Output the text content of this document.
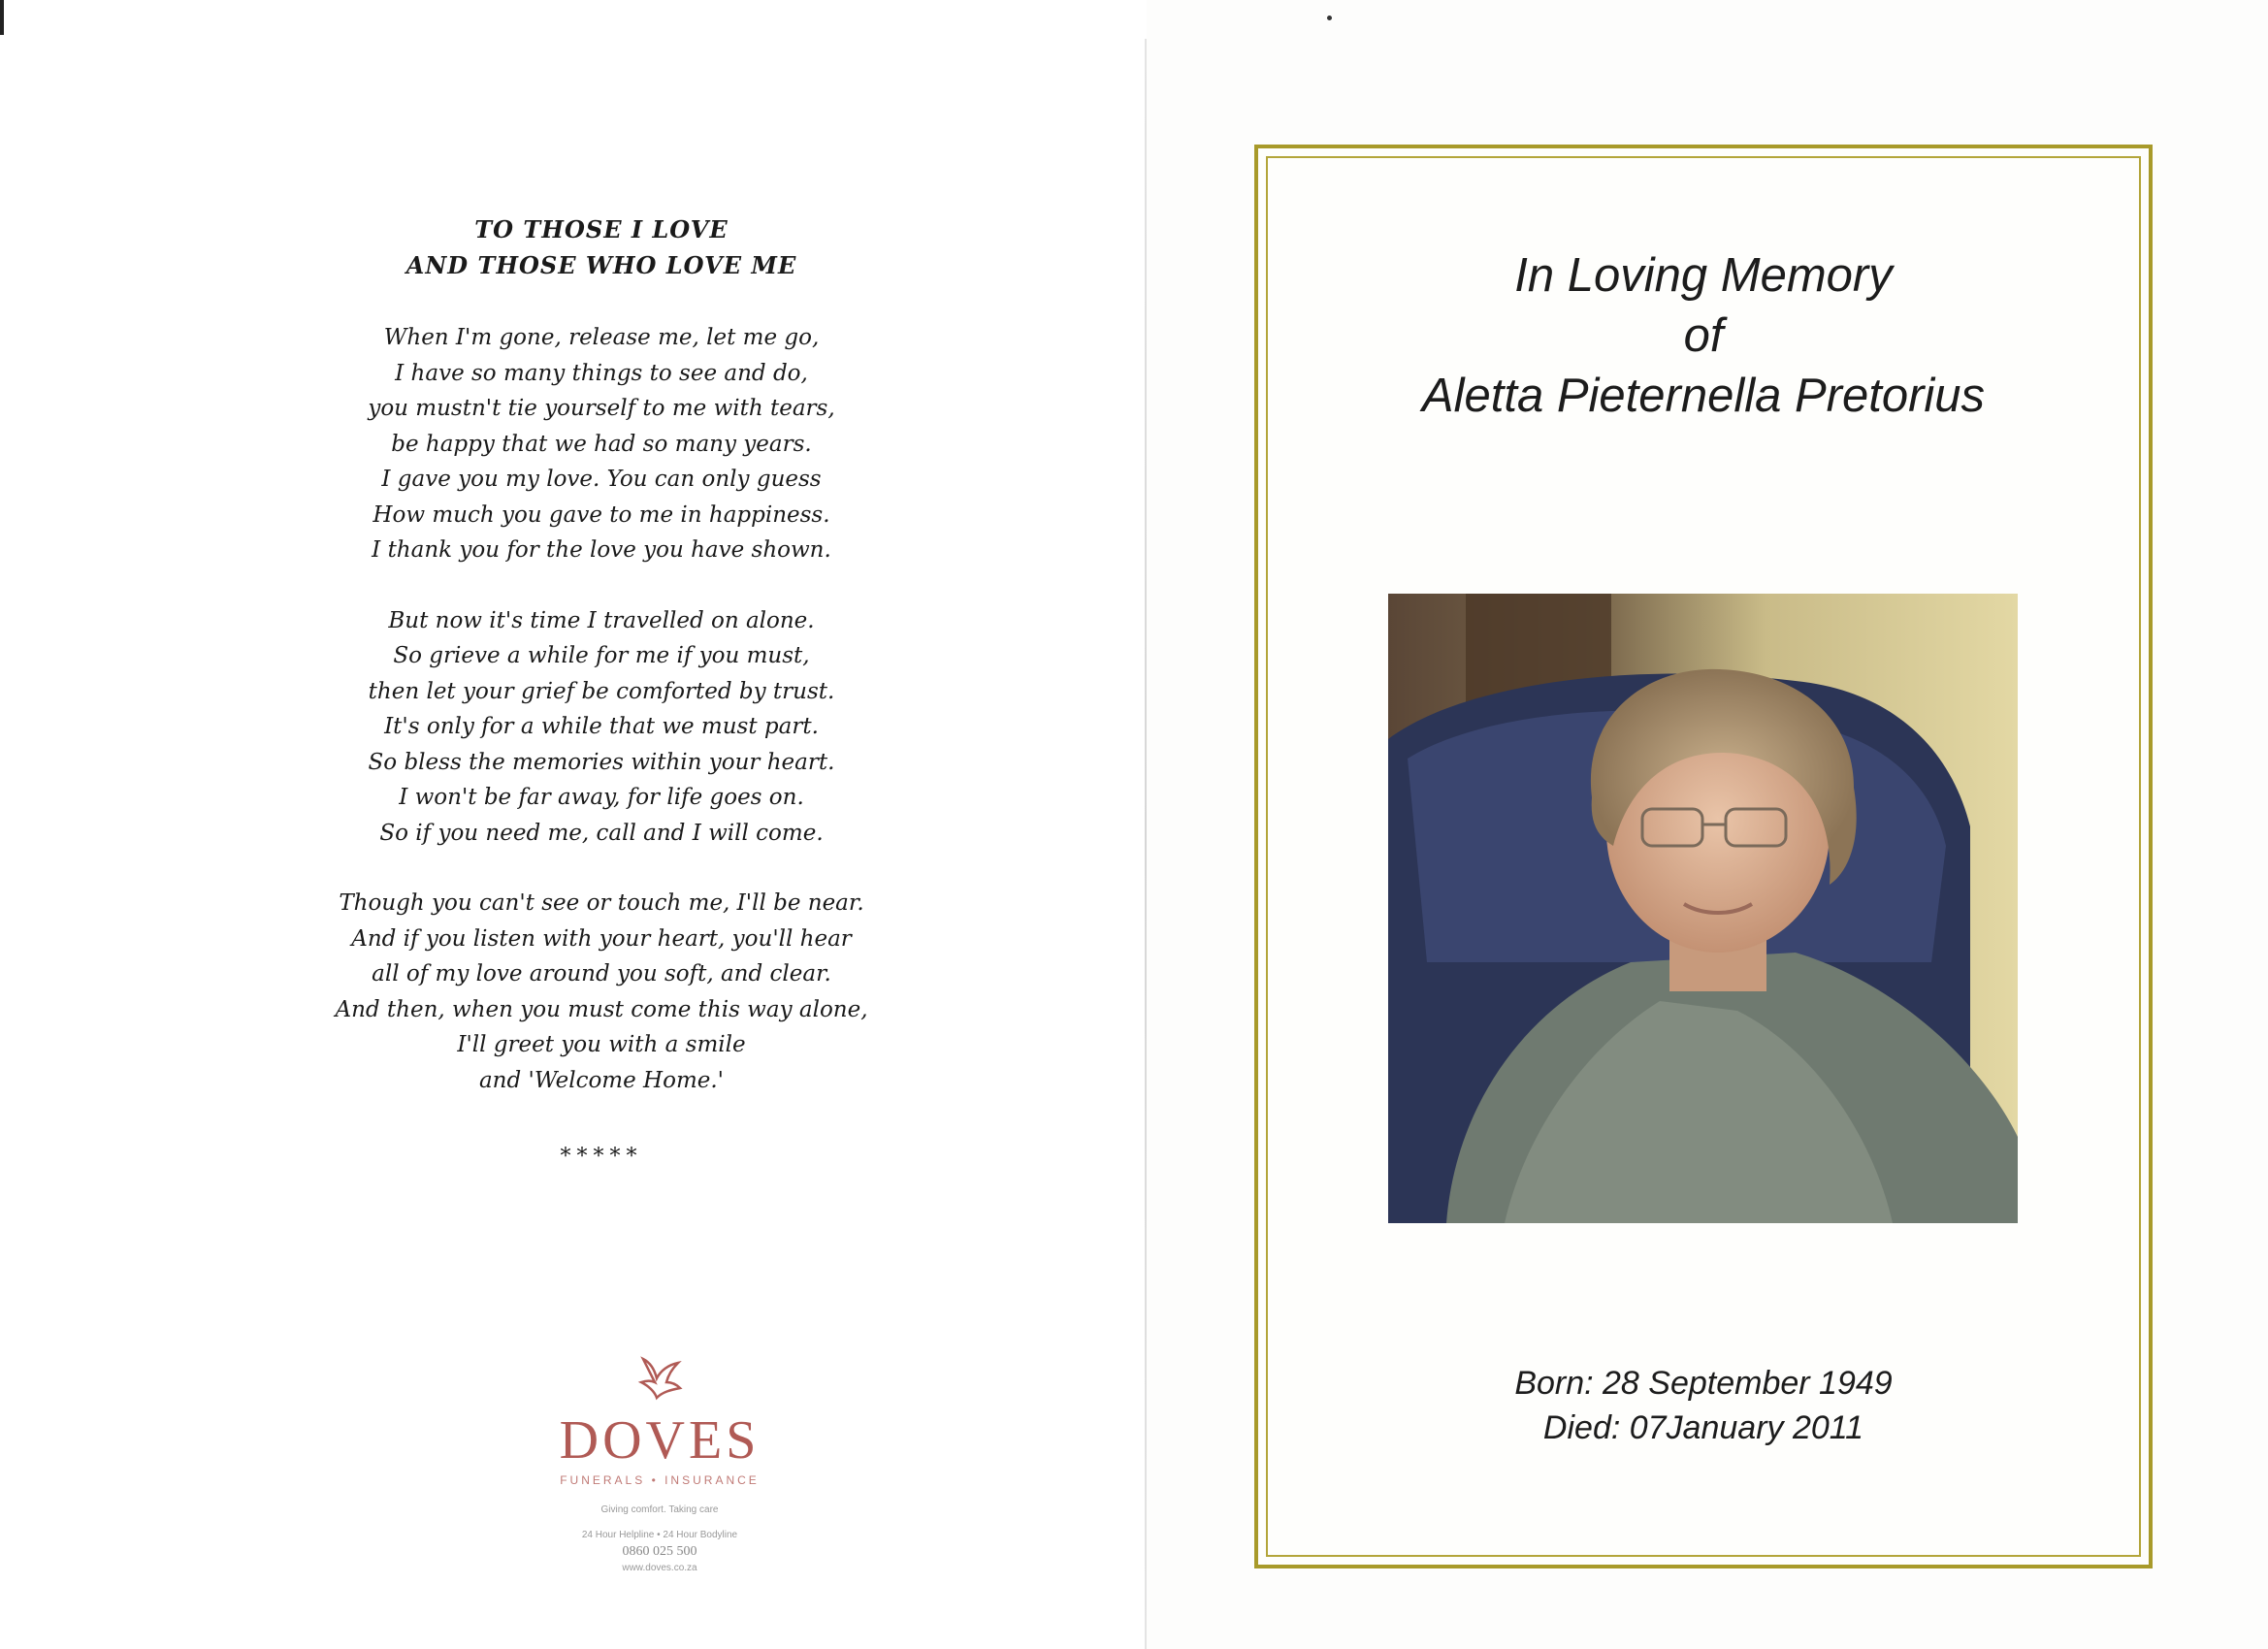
TO THOSE I LOVE
AND THOSE WHO LOVE ME
When I'm gone, release me, let me go,
I have so many things to see and do,
you mustn't tie yourself to me with tears,
be happy that we had so many years.
I gave you my love. You can only guess
How much you gave to me in happiness.
I thank you for the love you have shown.
But now it's time I travelled on alone.
So grieve a while for me if you must,
then let your grief be comforted by trust.
It's only for a while that we must part.
So bless the memories within your heart.
I won't be far away, for life goes on.
So if you need me, call and I will come.
Though you can't see or touch me, I'll be near.
And if you listen with your heart, you'll hear
all of my love around you soft, and clear.
And then, when you must come this way alone,
I'll greet you with a smile
and 'Welcome Home.'
*****
DOVES
FUNERALS • INSURANCE
Giving comfort. Taking care
24 Hour Helpline • 24 Hour Bodyline
0860 025 500
www.doves.co.za
In Loving Memory
of
Aletta Pieternella Pretorius
Born: 28 September 1949
Died: 07January 2011
